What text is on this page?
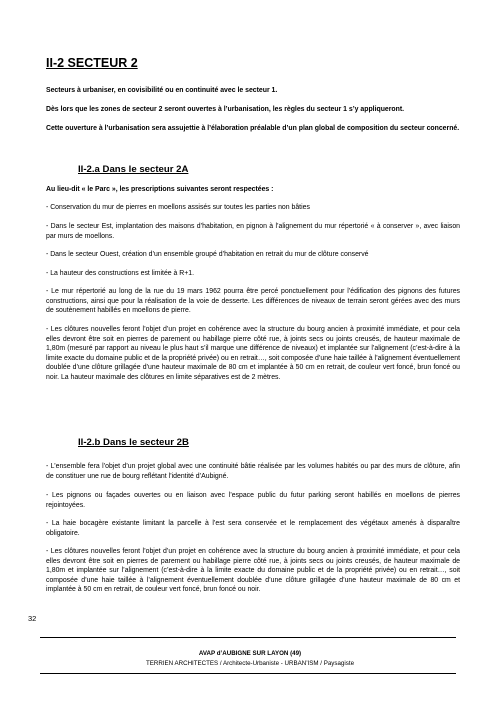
II-2 SECTEUR 2

Secteurs à urbaniser, en covisibilité ou en continuité avec le secteur 1.

Dès lors que les zones de secteur 2 seront ouvertes à l’urbanisation, les règles du secteur 1 s’y appliqueront.

Cette ouverture à l’urbanisation sera assujettie à l’élaboration préalable d’un plan global de composition du secteur concerné.

II-2.a Dans le secteur 2A

Au lieu-dit « le Parc », les prescriptions suivantes seront respectées :

- Conservation du mur de pierres en moellons assisés sur toutes les parties non bâties

- Dans le secteur Est, implantation des maisons d’habitation, en pignon à l’alignement du mur répertorié « à conserver », avec liaison par murs de moellons.

- Dans le secteur Ouest, création d’un ensemble groupé d’habitation en retrait du mur de clôture conservé

- La hauteur des constructions est limitée à R+1.

- Le mur répertorié au long de la rue du 19 mars 1962 pourra être percé ponctuellement pour l’édification des pignons des futures constructions, ainsi que pour la réalisation de la voie de desserte. Les différences de niveaux de terrain seront gérées avec des murs de soutènement habillés en moellons de pierre.

- Les clôtures nouvelles feront l’objet d’un projet en cohérence avec la structure du bourg ancien à proximité immédiate, et pour cela elles devront être soit en pierres de parement ou habillage pierre côté rue, à joints secs ou joints creusés, de hauteur maximale de 1,80m (mesuré par rapport au niveau le plus haut s’il marque une différence de niveaux) et implantée sur l’alignement (c’est-à-dire à la limite exacte du domaine public et de la propriété privée) ou en retrait…, soit composée d’une haie taillée à l’alignement éventuellement doublée d’une clôture grillagée d’une hauteur maximale de 80 cm et implantée à 50 cm en retrait, de couleur vert foncé, brun foncé ou noir. La hauteur maximale des clôtures en limite séparatives est de 2 mètres.

II-2.b Dans le secteur 2B

- L’ensemble fera l’objet d’un projet global avec une continuité bâtie réalisée par les volumes habités ou par des murs de clôture, afin de constituer une rue de bourg reflétant l’identité d’Aubigné.

- Les pignons ou façades ouvertes ou en liaison avec l’espace public du futur parking seront habillés en moellons de pierres rejointoyées.

- La haie bocagère existante limitant la parcelle à l’est sera conservée et le remplacement des végétaux amenés à disparaître obligatoire.

- Les clôtures nouvelles feront l’objet d’un projet en cohérence avec la structure du bourg ancien à proximité immédiate, et pour cela elles devront être soit en pierres de parement ou habillage pierre côté rue, à joints secs ou joints creusés, de hauteur maximale de 1,80m et implantée sur l’alignement (c’est-à-dire à la limite exacte du domaine public et de la propriété privée) ou en retrait…, soit composée d’une haie taillée à l’alignement éventuellement doublée d’une clôture grillagée d’une hauteur maximale de 80 cm et implantée à 50 cm en retrait, de couleur vert foncé, brun foncé ou noir.

32
AVAP d’AUBIGNE SUR LAYON (49)
TERRIEN ARCHITECTES / Architecte-Urbaniste - URBAN’ISM / Paysagiste
